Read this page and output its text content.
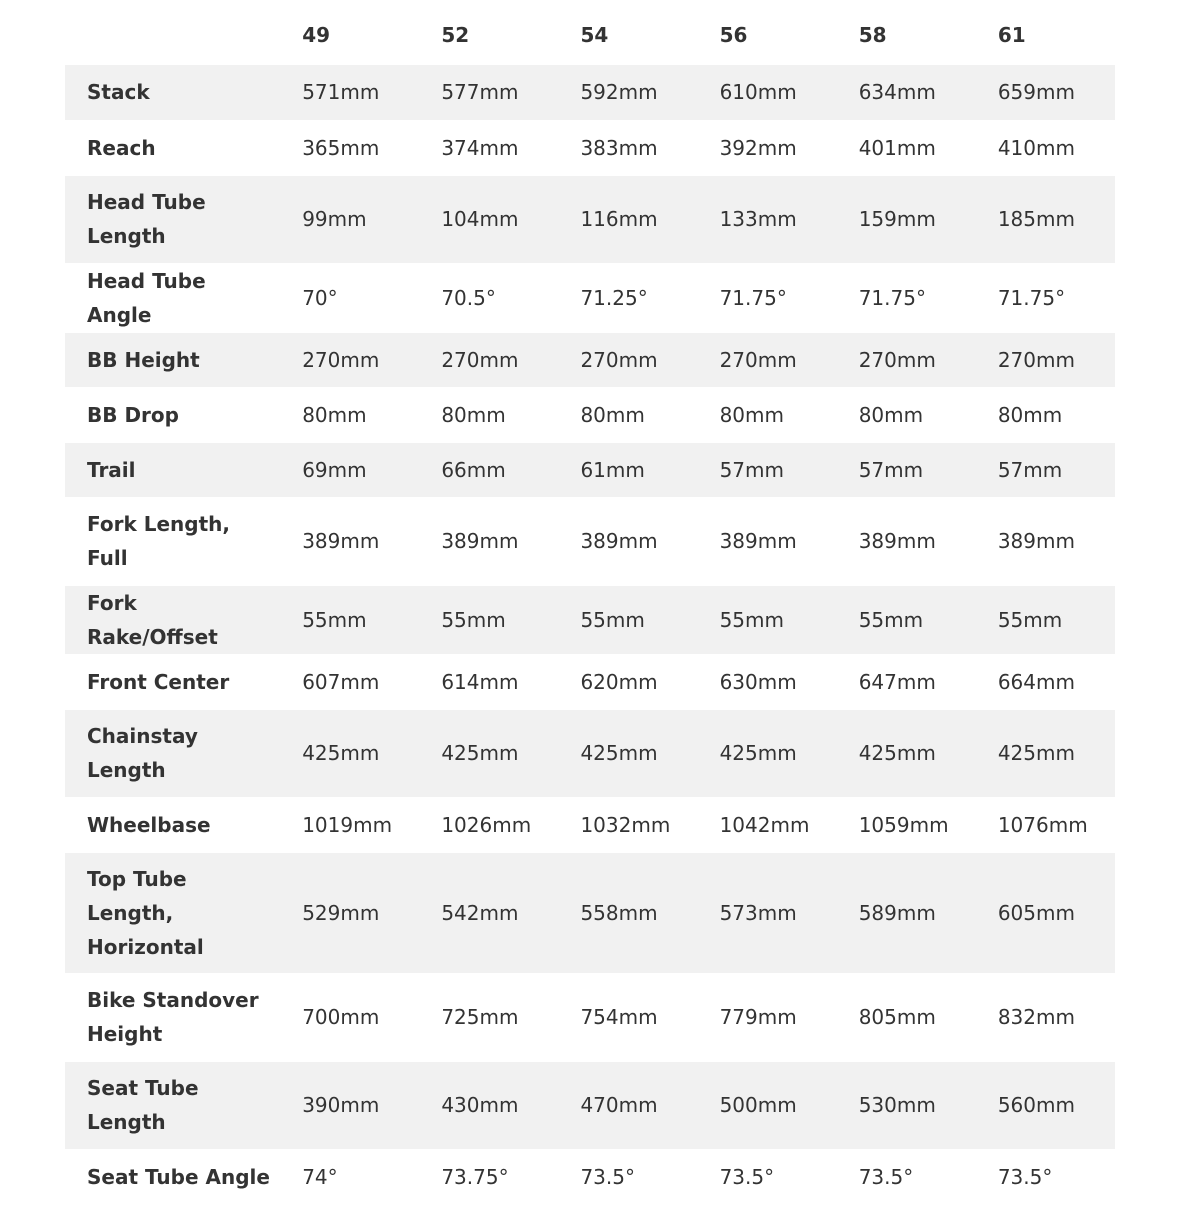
	49	52	54	56	58	61
Stack	571mm	577mm	592mm	610mm	634mm	659mm
Reach	365mm	374mm	383mm	392mm	401mm	410mm
Head Tube Length	99mm	104mm	116mm	133mm	159mm	185mm
Head Tube Angle	70°	70.5°	71.25°	71.75°	71.75°	71.75°
BB Height	270mm	270mm	270mm	270mm	270mm	270mm
BB Drop	80mm	80mm	80mm	80mm	80mm	80mm
Trail	69mm	66mm	61mm	57mm	57mm	57mm
Fork Length, Full	389mm	389mm	389mm	389mm	389mm	389mm
Fork Rake/Offset	55mm	55mm	55mm	55mm	55mm	55mm
Front Center	607mm	614mm	620mm	630mm	647mm	664mm
Chainstay Length	425mm	425mm	425mm	425mm	425mm	425mm
Wheelbase	1019mm	1026mm	1032mm	1042mm	1059mm	1076mm
Top Tube Length, Horizontal	529mm	542mm	558mm	573mm	589mm	605mm
Bike Standover Height	700mm	725mm	754mm	779mm	805mm	832mm
Seat Tube Length	390mm	430mm	470mm	500mm	530mm	560mm
Seat Tube Angle	74°	73.75°	73.5°	73.5°	73.5°	73.5°
